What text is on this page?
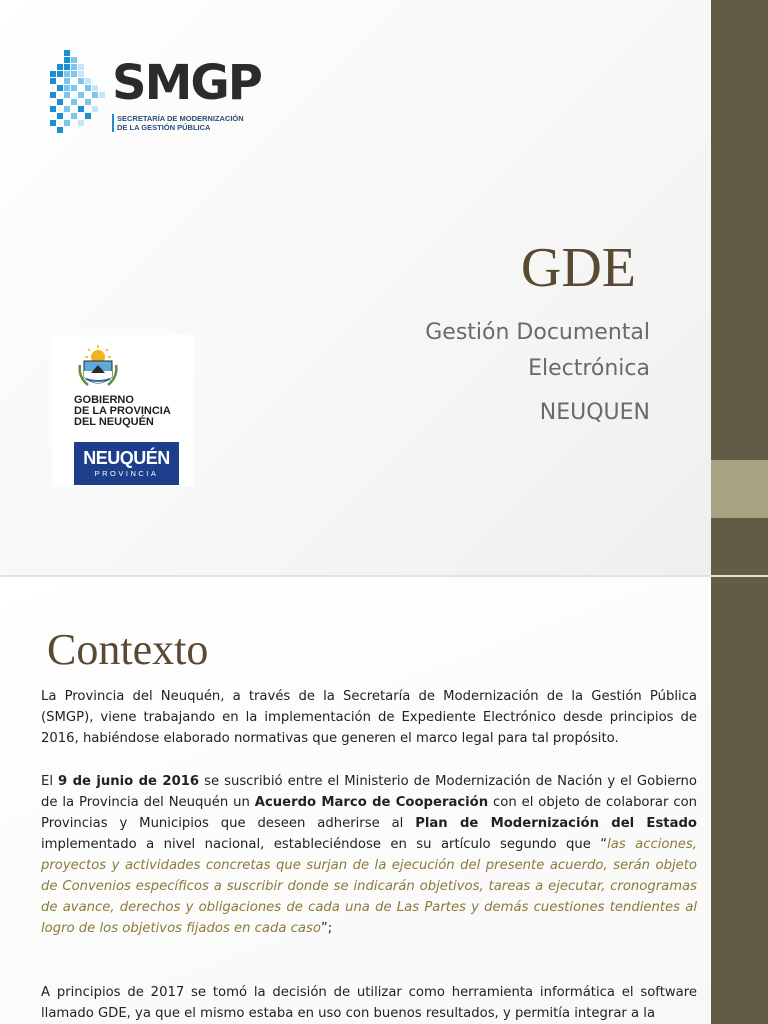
SMGP
SECRETARÍA DE MODERNIZACIÓN
DE LA GESTIÓN PÚBLICA
GDE
Gestión Documental
Electrónica
NEUQUEN
GOBIERNO
DE LA PROVINCIA
DEL NEUQUÉN
NEUQUÉN
PROVINCIA
Contexto

La Provincia del Neuquén, a través de la Secretaría de Modernización de la Gestión Pública (SMGP), viene trabajando en la implementación de Expediente Electrónico desde principios de 2016, habiéndose elaborado normativas que generen el marco legal para tal propósito.

El 9 de junio de 2016 se suscribió entre el Ministerio de Modernización de Nación y el Gobierno de la Provincia del Neuquén un Acuerdo Marco de Cooperación con el objeto de colaborar con Provincias y Municipios que deseen adherirse al Plan de Modernización del Estado implementado a nivel nacional, estableciéndose en su artículo segundo que “las acciones, proyectos y actividades concretas que surjan de la ejecución del presente acuerdo, serán objeto de Convenios específicos a suscribir donde se indicarán objetivos, tareas a ejecutar, cronogramas de avance, derechos y obligaciones de cada una de Las Partes y demás cuestiones tendientes al logro de los objetivos fijados en cada caso”;

A principios de 2017 se tomó la decisión de utilizar como herramienta informática el software llamado GDE, ya que el mismo estaba en uso con buenos resultados, y permitía integrar a la
